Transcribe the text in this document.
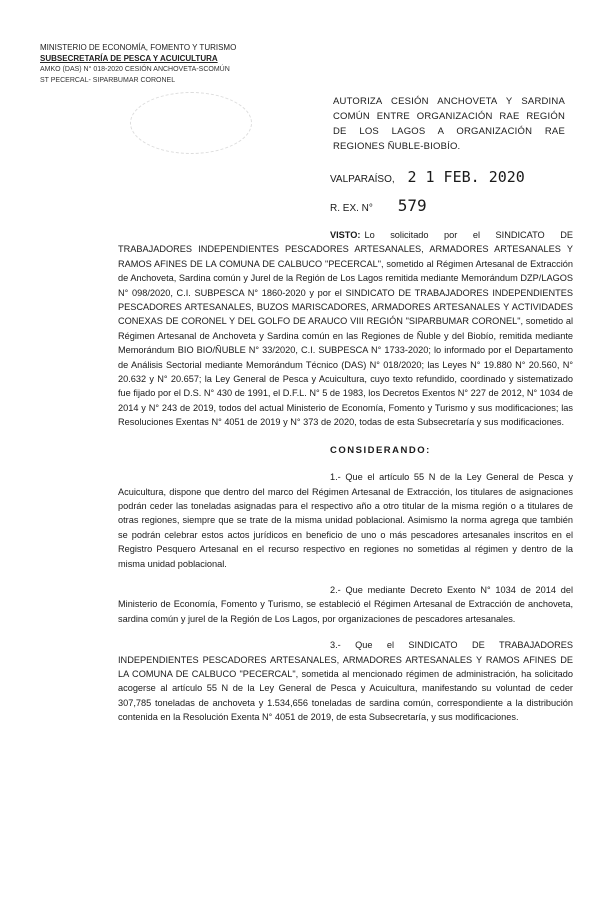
MINISTERIO DE ECONOMÍA, FOMENTO Y TURISMO
SUBSECRETARÍA DE PESCA Y ACUICULTURA
AMKO (DAS) N° 018-2020 CESIÓN ANCHOVETA-SCOMÚN
ST PECERCAL- SIPARBUMAR CORONEL
AUTORIZA CESIÓN ANCHOVETA Y SARDINA COMÚN ENTRE ORGANIZACIÓN RAE REGIÓN DE LOS LAGOS A ORGANIZACIÓN RAE REGIONES ÑUBLE-BIOBÍO.
VALPARAÍSO, 2 1 FEB. 2020
R. EX. N° 579

VISTO: Lo solicitado por el SINDICATO DE TRABAJADORES INDEPENDIENTES PESCADORES ARTESANALES, ARMADORES ARTESANALES Y RAMOS AFINES DE LA COMUNA DE CALBUCO "PECERCAL", sometido al Régimen Artesanal de Extracción de Anchoveta, Sardina común y Jurel de la Región de Los Lagos remitida mediante Memorándum DZP/LAGOS N° 098/2020, C.I. SUBPESCA N° 1860-2020 y por el SINDICATO DE TRABAJADORES INDEPENDIENTES PESCADORES ARTESANALES, BUZOS MARISCADORES, ARMADORES ARTESANALES Y ACTIVIDADES CONEXAS DE CORONEL Y DEL GOLFO DE ARAUCO VIII REGIÓN "SIPARBUMAR CORONEL", sometido al Régimen Artesanal de Anchoveta y Sardina común en las Regiones de Ñuble y del Biobío, remitida mediante Memorándum BIO BIO/ÑUBLE N° 33/2020, C.I. SUBPESCA N° 1733-2020; lo informado por el Departamento de Análisis Sectorial mediante Memorándum Técnico (DAS) N° 018/2020; las Leyes N° 19.880 N° 20.560, N° 20.632 y N° 20.657; la Ley General de Pesca y Acuicultura, cuyo texto refundido, coordinado y sistematizado fue fijado por el D.S. N° 430 de 1991, el D.F.L. N° 5 de 1983, los Decretos Exentos N° 227 de 2012, N° 1034 de 2014 y N° 243 de 2019, todos del actual Ministerio de Economía, Fomento y Turismo y sus modificaciones; las Resoluciones Exentas N° 4051 de 2019 y N° 373 de 2020, todas de esta Subsecretaría y sus modificaciones.

CONSIDERANDO:

1.- Que el artículo 55 N de la Ley General de Pesca y Acuicultura, dispone que dentro del marco del Régimen Artesanal de Extracción, los titulares de asignaciones podrán ceder las toneladas asignadas para el respectivo año a otro titular de la misma región o a titulares de otras regiones, siempre que se trate de la misma unidad poblacional. Asimismo la norma agrega que también se podrán celebrar estos actos jurídicos en beneficio de uno o más pescadores artesanales inscritos en el Registro Pesquero Artesanal en el recurso respectivo en regiones no sometidas al régimen y dentro de la misma unidad poblacional.

2.- Que mediante Decreto Exento N° 1034 de 2014 del Ministerio de Economía, Fomento y Turismo, se estableció el Régimen Artesanal de Extracción de anchoveta, sardina común y jurel de la Región de Los Lagos, por organizaciones de pescadores artesanales.

3.- Que el SINDICATO DE TRABAJADORES INDEPENDIENTES PESCADORES ARTESANALES, ARMADORES ARTESANALES Y RAMOS AFINES DE LA COMUNA DE CALBUCO "PECERCAL", sometida al mencionado régimen de administración, ha solicitado acogerse al artículo 55 N de la Ley General de Pesca y Acuicultura, manifestando su voluntad de ceder 307,785 toneladas de anchoveta y 1.534,656 toneladas de sardina común, correspondiente a la distribución contenida en la Resolución Exenta N° 4051 de 2019, de esta Subsecretaría, y sus modificaciones.
